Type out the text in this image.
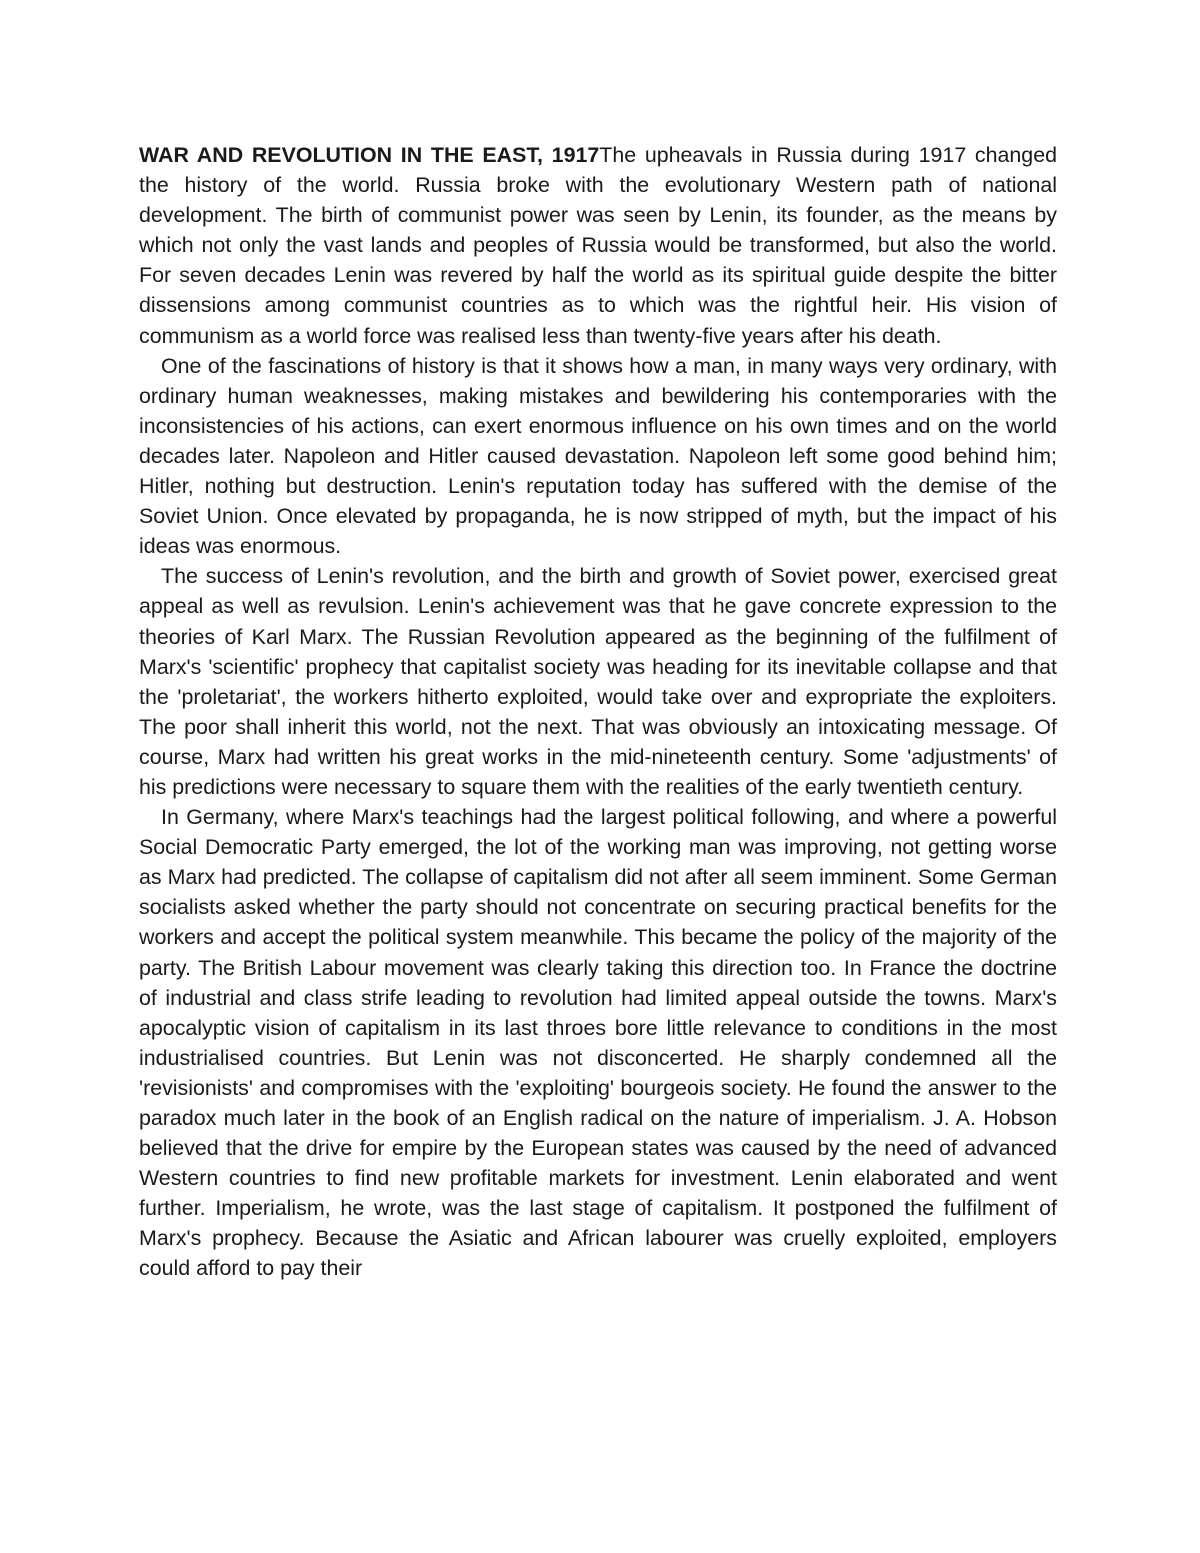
WAR AND REVOLUTION IN THE EAST, 1917The upheavals in Russia during 1917 changed the history of the world. Russia broke with the evolutionary Western path of national development. The birth of communist power was seen by Lenin, its founder, as the means by which not only the vast lands and peoples of Russia would be transformed, but also the world. For seven decades Lenin was revered by half the world as its spiritual guide despite the bitter dissensions among communist countries as to which was the rightful heir. His vision of communism as a world force was realised less than twenty-five years after his death.

One of the fascinations of history is that it shows how a man, in many ways very ordinary, with ordinary human weaknesses, making mistakes and bewildering his contemporaries with the inconsistencies of his actions, can exert enormous influence on his own times and on the world decades later. Napoleon and Hitler caused devastation. Napoleon left some good behind him; Hitler, nothing but destruction. Lenin's reputation today has suffered with the demise of the Soviet Union. Once elevated by propaganda, he is now stripped of myth, but the impact of his ideas was enormous.

The success of Lenin's revolution, and the birth and growth of Soviet power, exercised great appeal as well as revulsion. Lenin's achievement was that he gave concrete expression to the theories of Karl Marx. The Russian Revolution appeared as the beginning of the fulfilment of Marx's 'scientific' prophecy that capitalist society was heading for its inevitable collapse and that the 'proletariat', the workers hitherto exploited, would take over and expropriate the exploiters. The poor shall inherit this world, not the next. That was obviously an intoxicating message. Of course, Marx had written his great works in the mid-nineteenth century. Some 'adjustments' of his predictions were necessary to square them with the realities of the early twentieth century.

In Germany, where Marx's teachings had the largest political following, and where a powerful Social Democratic Party emerged, the lot of the working man was improving, not getting worse as Marx had predicted. The collapse of capitalism did not after all seem imminent. Some German socialists asked whether the party should not concentrate on securing practical benefits for the workers and accept the political system meanwhile. This became the policy of the majority of the party. The British Labour movement was clearly taking this direction too. In France the doctrine of industrial and class strife leading to revolution had limited appeal outside the towns. Marx's apocalyptic vision of capitalism in its last throes bore little relevance to conditions in the most industrialised countries. But Lenin was not disconcerted. He sharply condemned all the 'revisionists' and compromises with the 'exploiting' bourgeois society. He found the answer to the paradox much later in the book of an English radical on the nature of imperialism. J. A. Hobson believed that the drive for empire by the European states was caused by the need of advanced Western countries to find new profitable markets for investment. Lenin elaborated and went further. Imperialism, he wrote, was the last stage of capitalism. It postponed the fulfilment of Marx's prophecy. Because the Asiatic and African labourer was cruelly exploited, employers could afford to pay their
